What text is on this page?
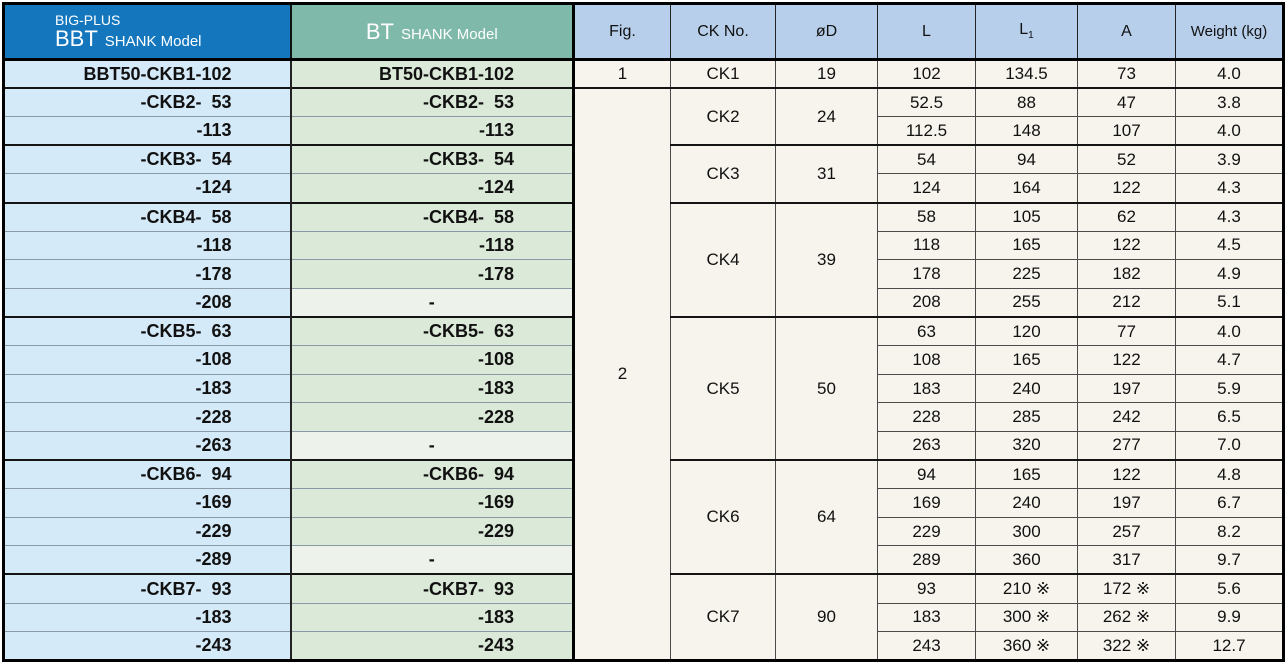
BIG-PLUS
BBT SHANK Model	BT SHANK Model	Fig.	CK No.	øD	L	$L_1$	A	Weight (kg)
BBT50-CKB1-102	BT50-CKB1-102	1	CK1	19	102	134.5	73	4.0
-CKB2-  53	-CKB2-  53	2	CK2	24	52.5	88	47	3.8
-113	-113				112.5	148	107	4.0
-CKB3-  54	-CKB3-  54		CK3	31	54	94	52	3.9
-124	-124				124	164	122	4.3
-CKB4-  58	-CKB4-  58		CK4	39	58	105	62	4.3
-118	-118				118	165	122	4.5
-178	-178				178	225	182	4.9
-208	-				208	255	212	5.1
-CKB5-  63	-CKB5-  63		CK5	50	63	120	77	4.0
-108	-108				108	165	122	4.7
-183	-183				183	240	197	5.9
-228	-228				228	285	242	6.5
-263	-				263	320	277	7.0
-CKB6-  94	-CKB6-  94		CK6	64	94	165	122	4.8
-169	-169				169	240	197	6.7
-229	-229				229	300	257	8.2
-289	-				289	360	317	9.7
-CKB7-  93	-CKB7-  93		CK7	90	93	210 ※	172 ※	5.6
-183	-183				183	300 ※	262 ※	9.9
-243	-243				243	360 ※	322 ※	12.7
